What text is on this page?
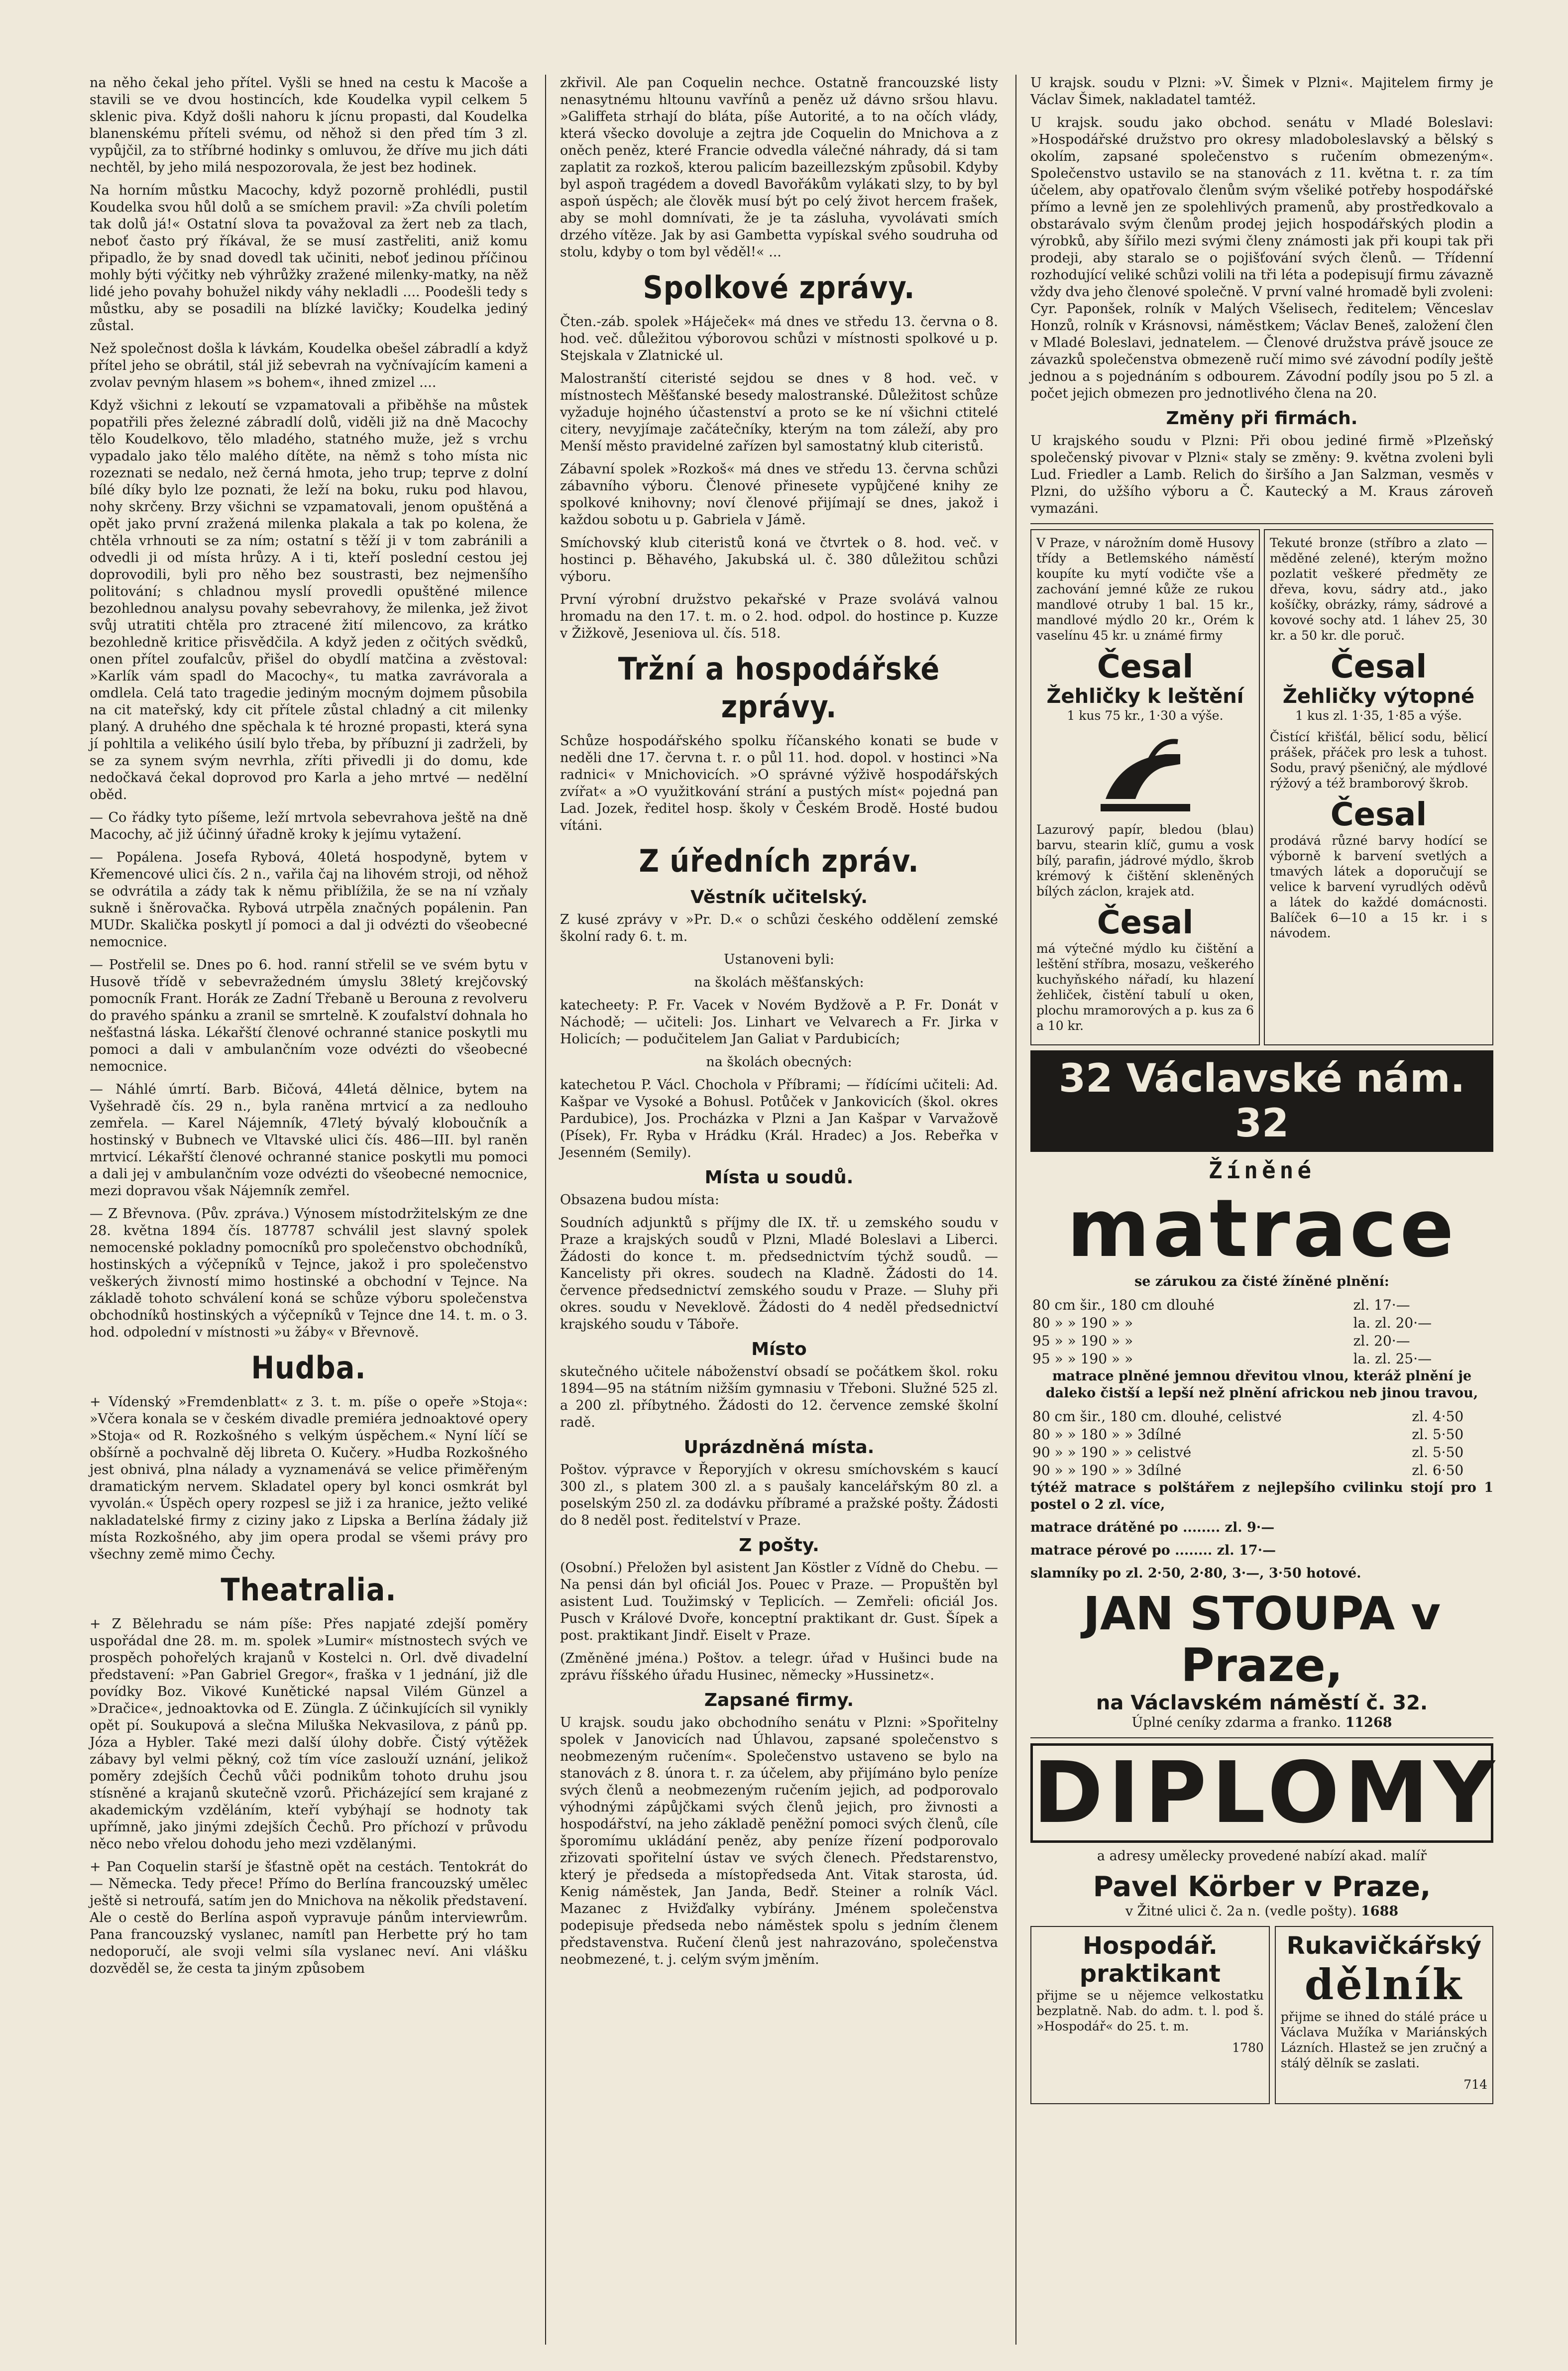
na něho čekal jeho přítel. Vyšli se hned na cestu k Macoše a stavili se ve dvou hostincích, kde Koudelka vypil celkem 5 sklenic piva. Když došli nahoru k jícnu propasti, dal Koudelka blanenskému příteli svému, od něhož si den před tím 3 zl. vypůjčil, za to stříbrné hodinky s omluvou, že dříve mu jich dáti nechtěl, by jeho milá nespozorovala, že jest bez hodinek.

Na horním můstku Macochy, když pozorně prohlédli, pustil Koudelka svou hůl dolů a se smíchem pravil: »Za chvíli poletím tak dolů já!« Ostatní slova ta považoval za žert neb za tlach, neboť často prý říkával, že se musí zastřeliti, aniž komu připadlo, že by snad dovedl tak učiniti, neboť jedinou příčinou mohly býti výčitky neb výhrůžky zražené milenky-matky, na něž lidé jeho povahy bohužel nikdy váhy nekladli .... Poodešli tedy s můstku, aby se posadili na blízké lavičky; Koudelka jediný zůstal.

Než společnost došla k lávkám, Koudelka obešel zábradlí a když přítel jeho se obrátil, stál již sebevrah na vyčnívajícím kameni a zvolav pevným hlasem »s bohem«, ihned zmizel ....

Když všichni z lekoutí se vzpamatovali a přiběhše na můstek popatřili přes železné zábradlí dolů, viděli již na dně Macochy tělo Koudelkovo, tělo mladého, statného muže, jež s vrchu vypadalo jako tělo malého dítěte, na němž s toho místa nic rozeznati se nedalo, než černá hmota, jeho trup; teprve z dolní bílé díky bylo lze poznati, že leží na boku, ruku pod hlavou, nohy skrčeny. Brzy všichni se vzpamatovali, jenom opuštěná a opět jako první zražená milenka plakala a tak po kolena, že chtěla vrhnouti se za ním; ostatní s těží ji v tom zabránili a odvedli ji od místa hrůzy. A i ti, kteří poslední cestou jej doprovodili, byli pro něho bez soustrasti, bez nejmenšího politování; s chladnou myslí provedli opuštěné milence bezohlednou analysu povahy sebevrahovy, že milenka, jež život svůj utratiti chtěla pro ztracené žití milencovo, za krátko bezohledně kritice přisvědčila. A když jeden z očitých svědků, onen přítel zoufalcův, přišel do obydlí matčina a zvěstoval: »Karlík vám spadl do Macochy«, tu matka zavrávorala a omdlela. Celá tato tragedie jediným mocným dojmem působila na cit mateřský, kdy cit přítele zůstal chladný a cit milenky planý. A druhého dne spěchala k té hrozné propasti, která syna jí pohltila a velikého úsilí bylo třeba, by příbuzní ji zadrželi, by se za synem svým nevrhla, zříti přivedli ji do domu, kde nedočkavá čekal doprovod pro Karla a jeho mrtvé — nedělní oběd.

— Co řádky tyto píšeme, leží mrtvola sebevrahova ještě na dně Macochy, ač již účinný úřadně kroky k jejímu vytažení.

— Popálena. Josefa Rybová, 40letá hospodyně, bytem v Křemencové ulici čís. 2 n., vařila čaj na lihovém stroji, od něhož se odvrátila a zády tak k němu přiblížila, že se na ní vzňaly sukně i šněrovačka. Rybová utrpěla značných popálenin. Pan MUDr. Skalička poskytl jí pomoci a dal ji odvézti do všeobecné nemocnice.

— Postřelil se. Dnes po 6. hod. ranní střelil se ve svém bytu v Husově třídě v sebevražedném úmyslu 38letý krejčovský pomocník Frant. Horák ze Zadní Třebaně u Berouna z revolveru do pravého spánku a zranil se smrtelně. K zoufalství dohnala ho nešťastná láska. Lékařští členové ochranné stanice poskytli mu pomoci a dali v ambulančním voze odvézti do všeobecné nemocnice.

— Náhlé úmrtí. Barb. Bičová, 44letá dělnice, bytem na Vyšehradě čís. 29 n., byla raněna mrtvicí a za nedlouho zemřela. — Karel Nájemník, 47letý bývalý kloboučník a hostinský v Bubnech ve Vltavské ulici čís. 486—III. byl raněn mrtvicí. Lékařští členové ochranné stanice poskytli mu pomoci a dali jej v ambulančním voze odvézti do všeobecné nemocnice, mezi dopravou však Nájemník zemřel.

— Z Břevnova. (Pův. zpráva.) Výnosem místodržitelským ze dne 28. května 1894 čís. 187787 schválil jest slavný spolek nemocenské pokladny pomocníků pro společenstvo obchodníků, hostinských a výčepníků v Tejnce, jakož i pro společenstvo veškerých živností mimo hostinské a obchodní v Tejnce. Na základě tohoto schválení koná se schůze výboru společenstva obchodníků hostinských a výčepníků v Tejnce dne 14. t. m. o 3. hod. odpolední v místnosti »u žáby« v Břevnově.

Hudba.

+ Vídenský »Fremdenblatt« z 3. t. m. píše o opeře »Stoja«: »Včera konala se v českém divadle premiéra jednoaktové opery »Stoja« od R. Rozkošného s velkým úspěchem.« Nyní líčí se obšírně a pochvalně děj libreta O. Kučery. »Hudba Rozkošného jest obnivá, plna nálady a vyznamenává se velice přiměřeným dramatickým nervem. Skladatel opery byl konci osmkrát byl vyvolán.« Úspěch opery rozpesl se již i za hranice, ježto veliké nakladatelské firmy z ciziny jako z Lipska a Berlína žádaly již místa Rozkošného, aby jim opera prodal se všemi právy pro všechny země mimo Čechy.

Theatralia.

+ Z Bělehradu se nám píše: Přes napjaté zdejší poměry uspořádal dne 28. m. m. spolek »Lumir« místnostech svých ve prospěch pohořelých krajanů v Kostelci n. Orl. dvě divadelní představení: »Pan Gabriel Gregor«, fraška v 1 jednání, již dle povídky Boz. Vikové Kunětické napsal Vilém Günzel a »Dračice«, jednoaktovka od E. Züngla. Z účinkujících sil vynikly opět pí. Soukupová a slečna Miluška Nekvasilova, z pánů pp. Józa a Hybler. Také mezi další úlohy dobře. Čistý výtěžek zábavy byl velmi pěkný, což tím více zaslouží uznání, jelikož poměry zdejších Čechů vůči podnikům tohoto druhu jsou stísněné a krajanů skutečně vzorů. Přicházející sem krajané z akademickým vzděláním, kteří vybýhají se hodnoty tak upřímně, jako jinými zdejších Čechů. Pro příchozí v průvodu něco nebo vřelou dohodu jeho mezi vzdělanými.

+ Pan Coquelin starší je šťastně opět na cestách. Tentokrát do — Německa. Tedy přece! Přímo do Berlína francouzský umělec ještě si netroufá, satím jen do Mnichova na několik představení. Ale o cestě do Berlína aspoň vypravuje pánům interviewrům. Pana francouzský vyslanec, namítl pan Herbette prý ho tam nedoporučí, ale svoji velmi síla vyslanec neví. Ani vlášku dozvěděl se, že cesta ta jiným způsobem

zkřivil. Ale pan Coquelin nechce. Ostatně francouzské listy nenasytnému hltounu vavřínů a peněz už dávno sršou hlavu. »Galiffeta strhají do bláta, píše Autorité, a to na očích vlády, která všecko dovoluje a zejtra jde Coquelin do Mnichova a z oněch peněz, které Francie odvedla válečné náhrady, dá si tam zaplatit za rozkoš, kterou palicím bazeillezským způsobil. Kdyby byl aspoň tragédem a dovedl Bavořákům vylákati slzy, to by byl aspoň úspěch; ale člověk musí být po celý život hercem frašek, aby se mohl domnívati, že je ta zásluha, vyvolávati smích drzého vítěze. Jak by asi Gambetta vypískal svého soudruha od stolu, kdyby o tom byl věděl!« ...

Spolkové zprávy.

Čten.-záb. spolek »Háječek« má dnes ve středu 13. června o 8. hod. več. důležitou výborovou schůzi v místnosti spolkové u p. Stejskala v Zlatnické ul.

Malostranští citeristé sejdou se dnes v 8 hod. več. v místnostech Měšťanské besedy malostranské. Důležitost schůze vyžaduje hojného účastenství a proto se ke ní všichni ctitelé citery, nevyjímaje začátečníky, kterým na tom záleží, aby pro Menší město pravidelné zařízen byl samostatný klub citeristů.

Zábavní spolek »Rozkoš« má dnes ve středu 13. června schůzi zábavního výboru. Členové přinesete vypůjčené knihy ze spolkové knihovny; noví členové přijímají se dnes, jakož i každou sobotu u p. Gabriela v Jámě.

Smíchovský klub citeristů koná ve čtvrtek o 8. hod. več. v hostinci p. Běhavého, Jakubská ul. č. 380 důležitou schůzi výboru.

První výrobní družstvo pekařské v Praze svolává valnou hromadu na den 17. t. m. o 2. hod. odpol. do hostince p. Kuzze v Žižkově, Jeseniova ul. čís. 518.

Tržní a hospodářské zprávy.

Schůze hospodářského spolku říčanského konati se bude v neděli dne 17. června t. r. o půl 11. hod. dopol. v hostinci »Na radnici« v Mnichovicích. »O správné výživě hospodářských zvířat« a »O využitkování strání a pustých míst« pojedná pan Lad. Jozek, ředitel hosp. školy v Českém Brodě. Hosté budou vítáni.

Z úředních zpráv.
Věstník učitelský.

Z kusé zprávy v »Pr. D.« o schůzi českého oddělení zemské školní rady 6. t. m.

Ustanoveni byli:

na školách měšťanských:

katecheety: P. Fr. Vacek v Novém Bydžově a P. Fr. Donát v Náchodě; — učiteli: Jos. Linhart ve Velvarech a Fr. Jirka v Holicích; — podučitelem Jan Galiat v Pardubicích;

na školách obecných:

katechetou P. Václ. Chochola v Příbrami; — řídícími učiteli: Ad. Kašpar ve Vysoké a Bohusl. Potůček v Jankovicích (škol. okres Pardubice), Jos. Procházka v Plzni a Jan Kašpar v Varvažově (Písek), Fr. Ryba v Hrádku (Král. Hradec) a Jos. Rebeřka v Jesenném (Semily).

Místa u soudů.

Obsazena budou místa:

Soudních adjunktů s příjmy dle IX. tř. u zemského soudu v Praze a krajských soudů v Plzni, Mladé Boleslavi a Liberci. Žádosti do konce t. m. předsednictvím týchž soudů. — Kancelisty při okres. soudech na Kladně. Žádosti do 14. července předsednictví zemského soudu v Praze. — Sluhy při okres. soudu v Neveklově. Žádosti do 4 neděl předsednictví krajského soudu v Táboře.

Místo

skutečného učitele náboženství obsadí se počátkem škol. roku 1894—95 na státním nižším gymnasiu v Třeboni. Služné 525 zl. a 200 zl. příbytného. Žádosti do 12. července zemské školní radě.

Uprázdněná místa.

Poštov. výpravce v Řeporyjích v okresu smíchovském s kaucí 300 zl., s platem 300 zl. a s paušaly kancelářským 80 zl. a poselským 250 zl. za dodávku příbramé a pražské pošty. Žádosti do 8 neděl post. ředitelství v Praze.

Z pošty.

(Osobní.) Přeložen byl asistent Jan Köstler z Vídně do Chebu. — Na pensi dán byl oficiál Jos. Pouec v Praze. — Propuštěn byl asistent Lud. Toužimský v Teplicích. — Zemřeli: oficiál Jos. Pusch v Králové Dvoře, konceptní praktikant dr. Gust. Šípek a post. praktikant Jindř. Eiselt v Praze.

(Změněné jména.) Poštov. a telegr. úřad v Hušinci bude na zprávu říšského úřadu Husinec, německy »Hussinetz«.

Zapsané firmy.

U krajsk. soudu jako obchodního senátu v Plzni: »Spořitelny spolek v Janovicích nad Úhlavou, zapsané společenstvo s neobmezeným ručením«. Společenstvo ustaveno se bylo na stanovách z 8. února t. r. za účelem, aby přijímáno bylo peníze svých členů a neobmezeným ručením jejich, ad podporovalo výhodnými zápůjčkami svých členů jejich, pro živnosti a hospodářství, na jeho základě peněžní pomoci svých členů, cíle šporomímu ukládání peněz, aby peníze řízení podporovalo zřizovati spořitelní ústav ve svých členech. Předstarenstvo, který je předseda a místopředseda Ant. Vitak starosta, úd. Kenig náměstek, Jan Janda, Bedř. Steiner a rolník Václ. Mazanec z Hvižďalky vybírány. Jménem společenstva podepisuje předseda nebo náměstek spolu s jedním členem představenstva. Ručení členů jest nahrazováno, společenstva neobmezené, t. j. celým svým jměním.

U krajsk. soudu v Plzni: »V. Šimek v Plzni«. Majitelem firmy je Václav Šimek, nakladatel tamtéž.

U krajsk. soudu jako obchod. senátu v Mladé Boleslavi: »Hospodářské družstvo pro okresy mladoboleslavský a bělský s okolím, zapsané společenstvo s ručením obmezeným«. Společenstvo ustavilo se na stanovách z 11. května t. r. za tím účelem, aby opatřovalo členům svým všeliké potřeby hospodářské přímo a levně jen ze spolehlivých pramenů, aby prostředkovalo a obstarávalo svým členům prodej jejich hospodářských plodin a výrobků, aby šířilo mezi svými členy známosti jak při koupi tak při prodeji, aby staralo se o pojišťování svých členů. — Třídenní rozhodující veliké schůzi volili na tři léta a podepisují firmu závazně vždy dva jeho členové společně. V první valné hromadě byli zvoleni: Cyr. Paponšek, rolník v Malých Všelisech, ředitelem; Věnceslav Honzů, rolník v Krásnovsi, náměstkem; Václav Beneš, založení člen v Mladé Boleslavi, jednatelem. — Členové družstva právě jsouce ze závazků společenstva obmezeně ručí mimo své závodní podíly ještě jednou a s pojednáním s odbourem. Závodní podíly jsou po 5 zl. a počet jejich obmezen pro jednotlivého člena na 20.

Změny při firmách.

U krajského soudu v Plzni: Při obou jediné firmě »Plzeňský společenský pivovar v Plzni« staly se změny: 9. května zvoleni byli Lud. Friedler a Lamb. Relich do širšího a Jan Salzman, vesměs v Plzni, do užšího výboru a Č. Kautecký a M. Kraus zároveň vymazáni.

V Praze, v nárožním domě Husovy třídy a Betlemského náměstí koupíte ku mytí vodičte vše a zachování jemné kůže ze rukou mandlové otruby 1 bal. 15 kr., mandlové mýdlo 20 kr., Orém k vaselínu 45 kr. u známé firmy

Česal
Žehličky k leštění

1 kus 75 kr., 1·30 a výše.

Lazurový papír, bledou (blau) barvu, stearin klíč, gumu a vosk bílý, parafin, jádrové mýdlo, škrob krémový k čištění skleněných bílých záclon, krajek atd.

Česal

má výtečné mýdlo ku čištění a leštění stříbra, mosazu, veškerého kuchyňského nářadí, ku hlazení žehliček, čistění tabulí u oken, plochu mramorových a p. kus za 6 a 10 kr.

Tekuté bronze (stříbro a zlato — měděné zelené), kterým možno pozlatit veškeré předměty ze dřeva, kovu, sádry atd., jako košíčky, obrázky, rámy, sádrové a kovové sochy atd. 1 láhev 25, 30 kr. a 50 kr. dle poruč.

Česal
Žehličky výtopné

1 kus zl. 1·35, 1·85 a výše.

Čistící křišťál, bělicí sodu, bělicí prášek, přáček pro lesk a tuhost. Sodu, pravý pšeničný, ale mýdlové rýžový a též bramborový škrob.

Česal

prodává různé barvy hodící se výborně k barvení svetlých a tmavých látek a doporučují se velice k barvení vyrudlých oděvů a látek do každé domácnosti. Balíček 6—10 a 15 kr. i s návodem.

32 Václavské nám. 32
Žíněné
matrace

se zárukou za čisté žíněné plnění:

80 cm šir., 180 cm dlouhé	zl. 17·—
80 » » 190 » »	la. zl. 20·—
95 » » 190 » »	zl. 20·—
95 » » 190 » »	la. zl. 25·—

matrace plněné jemnou dřevitou vlnou, kteráž plnění je daleko čistší a lepší než plnění africkou neb jinou travou,

80 cm šir., 180 cm. dlouhé, celistvé	zl. 4·50
80 » » 180 » » 3dílné	zl. 5·50
90 » » 190 » » celistvé	zl. 5·50
90 » » 190 » » 3dílné	zl. 6·50

týtéž matrace s polštářem z nejlepšího cvilinku stojí pro 1 postel o 2 zl. více,

matrace drátěné po ........ zl. 9·—

matrace pérové po ........ zl. 17·—

slamníky po zl. 2·50, 2·80, 3·—, 3·50 hotové.

JAN STOUPA v Praze,
na Václavském náměstí č. 32.

Úplné ceníky zdarma a franko. 11268

DIPLOMY

a adresy umělecky provedené nabízí akad. malíř

Pavel Körber v Praze,

v Žitné ulici č. 2a n. (vedle pošty). 1688

Hospodář. praktikant

přijme se u nějemce velkostatku bezplatně. Nab. do adm. t. l. pod š. »Hospodář« do 25. t. m.

1780

Rukavičkářský
dělník

přijme se ihned do stálé práce u Václava Mužíka v Mariánských Lázních. Hlastež se jen zručný a stálý dělník se zaslati.

714
